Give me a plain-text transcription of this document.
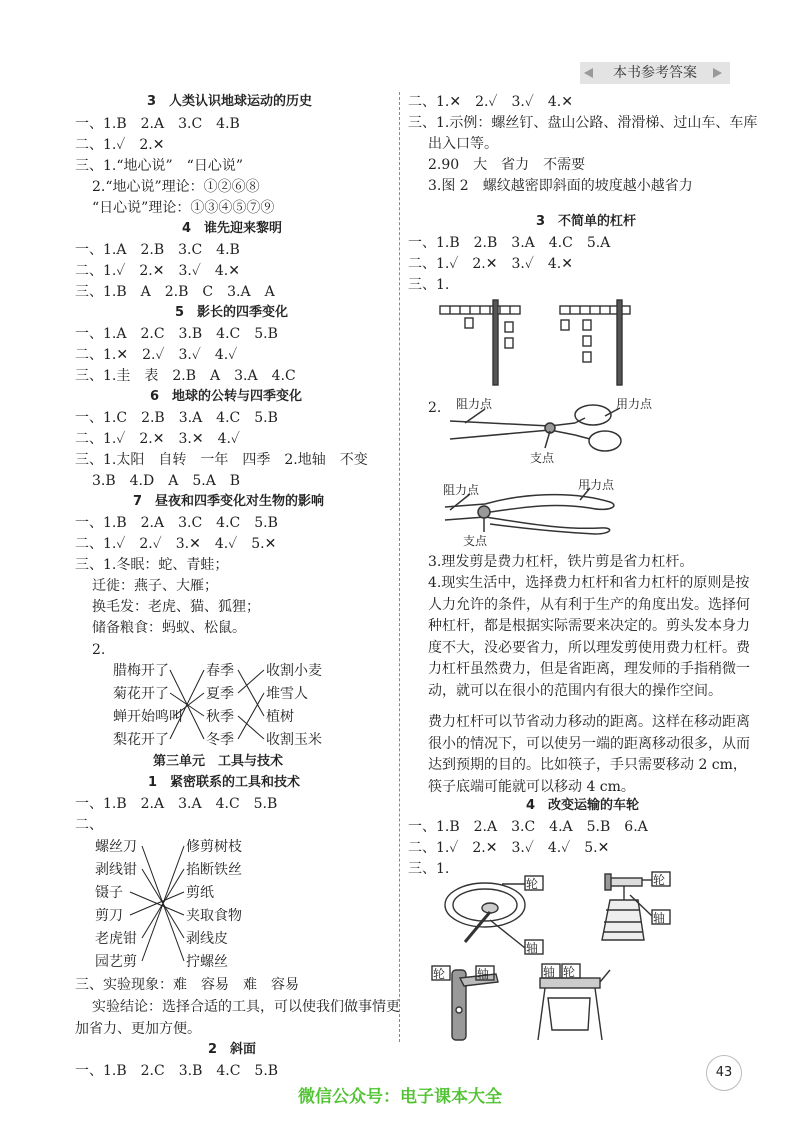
本书参考答案
3　人类认识地球运动的历史
一、1.B　2.A　3.C　4.B
二、1.✓　2.✕
三、1.“地心说”　“日心说”
2.“地心说”理论：①②⑥⑧
“日心说”理论：①③④⑤⑦⑨
4　谁先迎来黎明
一、1.A　2.B　3.C　4.B
二、1.✓　2.✕　3.✓　4.✕
三、1.B　A　2.B　C　3.A　A
5　影长的四季变化
一、1.A　2.C　3.B　4.C　5.B
二、1.✕　2.✓　3.✓　4.✓
三、1.圭　表　2.B　A　3.A　4.C
6　地球的公转与四季变化
一、1.C　2.B　3.A　4.C　5.B
二、1.✓　2.✕　3.✕　4.✓
三、1.太阳　自转　一年　四季　2.地轴　不变
3.B　4.D　A　5.A　B
7　昼夜和四季变化对生物的影响
一、1.B　2.A　3.C　4.C　5.B
二、1.✓　2.✓　3.✕　4.✓　5.✕
三、1.冬眠：蛇、青蛙；
迁徙：燕子、大雁；
换毛发：老虎、猫、狐狸；
储备粮食：蚂蚁、松鼠。
2.
腊梅开了
菊花开了
蝉开始鸣叫
梨花开了
春季
夏季
秋季
冬季
收割小麦
堆雪人
植树
收割玉米
第三单元　工具与技术
1　紧密联系的工具和技术
一、1.B　2.A　3.A　4.C　5.B
二、
螺丝刀
剥线钳
镊子
剪刀
老虎钳
园艺剪
修剪树枝
掐断铁丝
剪纸
夹取食物
剥线皮
拧螺丝
三、实验现象：难　容易　难　容易
实验结论：选择合适的工具，可以使我们做事情更
加省力、更加方便。
2　斜面
一、1.B　2.C　3.B　4.C　5.B
二、1.✕　2.✓　3.✓　4.✕
三、1.示例：螺丝钉、盘山公路、滑滑梯、过山车、车库
出入口等。
2.90　大　省力　不需要
3.图 2　螺纹越密即斜面的坡度越小越省力
3　不简单的杠杆
一、1.B　2.B　3.A　4.C　5.A
二、1.✓　2.✕　3.✓　4.✕
三、1.
2. 阻力点	用力点
支点
阻力点	用力点
支点
3.理发剪是费力杠杆，铁片剪是省力杠杆。
4.现实生活中，选择费力杠杆和省力杠杆的原则是按人力允许的条件，从有利于生产的角度出发。选择何种杠杆，都是根据实际需要来决定的。剪头发本身力度不大，没必要省力，所以理发剪使用费力杠杆。费力杠杆虽然费力，但是省距离，理发师的手指稍微一动，就可以在很小的范围内有很大的操作空间。
费力杠杆可以节省动力移动的距离。这样在移动距离很小的情况下，可以使另一端的距离移动很多，从而达到预期的目的。比如筷子，手只需要移动 2 cm，筷子底端可能就可以移动 4 cm。
4　改变运输的车轮
一、1.B　2.A　3.C　4.A　5.B　6.A
二、1.✓　2.✕　3.✓　4.✓　5.✕
三、1.
轮
轴
轮
轴
轮	轴	轴 轮
43
微信公众号：电子课本大全
